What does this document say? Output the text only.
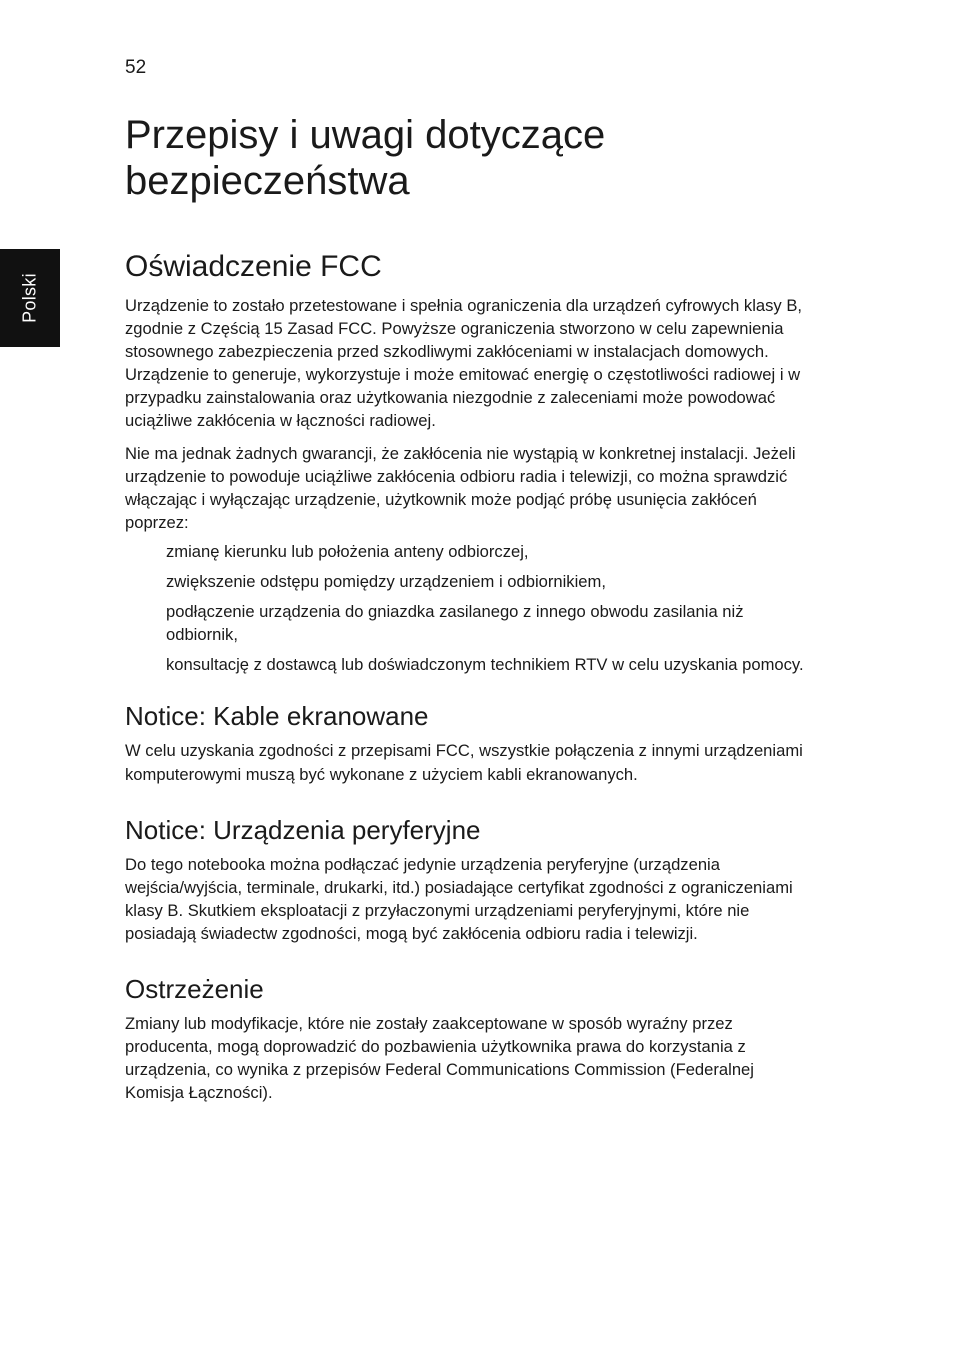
52
Polski
Przepisy i uwagi dotyczące bezpieczeństwa
Oświadczenie FCC

Urządzenie to zostało przetestowane i spełnia ograniczenia dla urządzeń cyfrowych klasy B, zgodnie z Częścią 15 Zasad FCC. Powyższe ograniczenia stworzono w celu zapewnienia stosownego zabezpieczenia przed szkodliwymi zakłóceniami w instalacjach domowych. Urządzenie to generuje, wykorzystuje i może emitować energię o częstotliwości radiowej i w przypadku zainstalowania oraz użytkowania niezgodnie z zaleceniami może powodować uciążliwe zakłócenia w łączności radiowej.

Nie ma jednak żadnych gwarancji, że zakłócenia nie wystąpią w konkretnej instalacji. Jeżeli urządzenie to powoduje uciążliwe zakłócenia odbioru radia i telewizji, co można sprawdzić włączając i wyłączając urządzenie, użytkownik może podjąć próbę usunięcia zakłóceń poprzez:

zmianę kierunku lub położenia anteny odbiorczej,
zwiększenie odstępu pomiędzy urządzeniem i odbiornikiem,
podłączenie urządzenia do gniazdka zasilanego z innego obwodu zasilania niż odbiornik,
konsultację z dostawcą lub doświadczonym technikiem RTV w celu uzyskania pomocy.
Notice: Kable ekranowane

W celu uzyskania zgodności z przepisami FCC, wszystkie połączenia z innymi urządzeniami komputerowymi muszą być wykonane z użyciem kabli ekranowanych.

Notice: Urządzenia peryferyjne

Do tego notebooka można podłączać jedynie urządzenia peryferyjne (urządzenia wejścia/wyjścia, terminale, drukarki, itd.) posiadające certyfikat zgodności z ograniczeniami klasy B. Skutkiem eksploatacji z przyłaczonymi urządzeniami peryferyjnymi, które nie posiadają świadectw zgodności, mogą być zakłócenia odbioru radia i telewizji.

Ostrzeżenie

Zmiany lub modyfikacje, które nie zostały zaakceptowane w sposób wyraźny przez producenta, mogą doprowadzić do pozbawienia użytkownika prawa do korzystania z urządzenia, co wynika z przepisów Federal Communications Commission (Federalnej Komisja Łączności).
